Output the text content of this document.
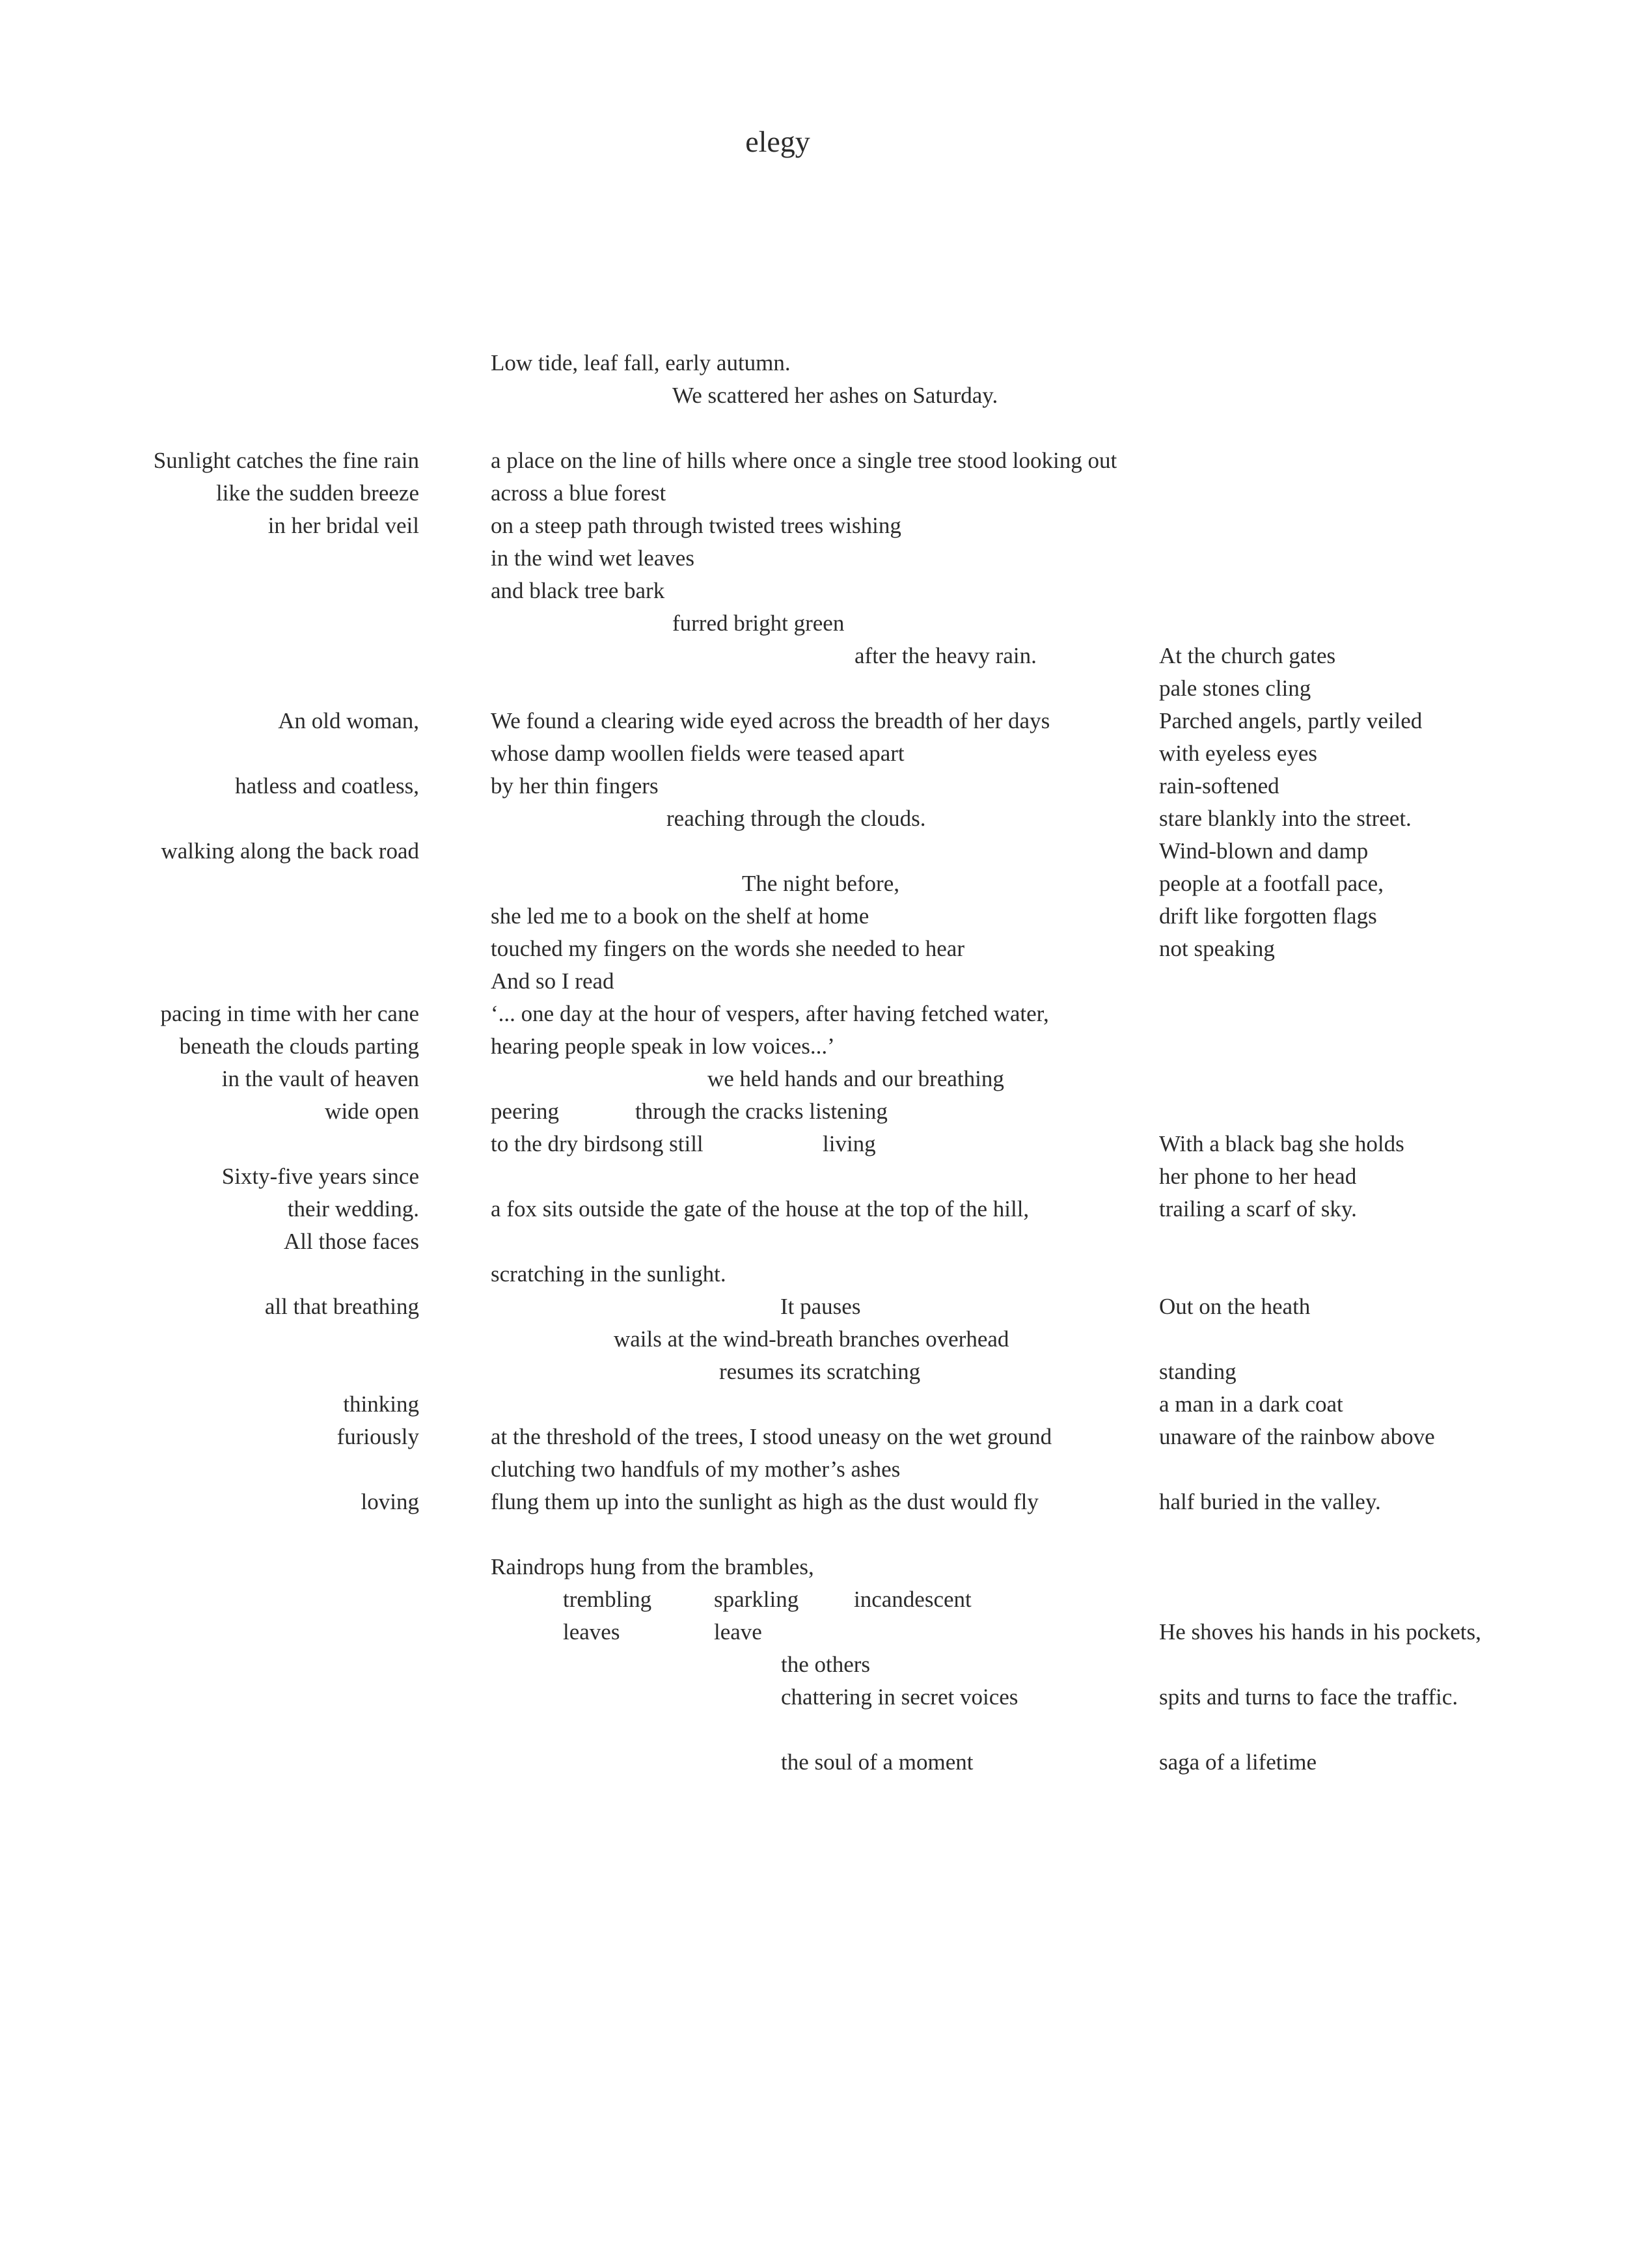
elegy
Sunlight catches the fine rain
like the sudden breeze
in her bridal veil
An old woman,
hatless and coatless,
walking along the back road
pacing in time with her cane
beneath the clouds parting
in the vault of heaven
wide open
Sixty-five years since
their wedding.
All those faces
all that breathing
thinking
furiously
loving
Low tide, leaf fall, early autumn.
We scattered her ashes on Saturday.
a place on the line of hills where once a single tree stood looking out
across a blue forest
on a steep path through twisted trees wishing
in the wind wet leaves
and black tree bark
furred bright green
after the heavy rain.
We found a clearing wide eyed across the breadth of her days
whose damp woollen fields were teased apart
by her thin fingers
reaching through the clouds.
The night before,
she led me to a book on the shelf at home
touched my fingers on the words she needed to hear
And so I read
‘... one day at the hour of vespers, after having fetched water,
hearing people speak in low voices...’
we held hands and our breathing
peering	through the cracks listening
to the dry birdsong still	living
a fox sits outside the gate of the house at the top of the hill,
scratching in the sunlight.
It pauses
wails at the wind-breath branches overhead
resumes its scratching
at the threshold of the trees, I stood uneasy on the wet ground
clutching two handfuls of my mother’s ashes
flung them up into the sunlight as high as the dust would fly
Raindrops hung from the brambles,
trembling	sparkling incandescent
leaves	leave
the others
chattering in secret voices
the soul of a moment
At the church gates
pale stones cling
Parched angels, partly veiled
with eyeless eyes
rain-softened
stare blankly into the street.
Wind-blown and damp
people at a footfall pace,
drift like forgotten flags
not speaking
With a black bag she holds
her phone to her head
trailing a scarf of sky.
Out on the heath
standing
a man in a dark coat
unaware of the rainbow above
half buried in the valley.
He shoves his hands in his pockets,
spits and turns to face the traffic.
saga of a lifetime
